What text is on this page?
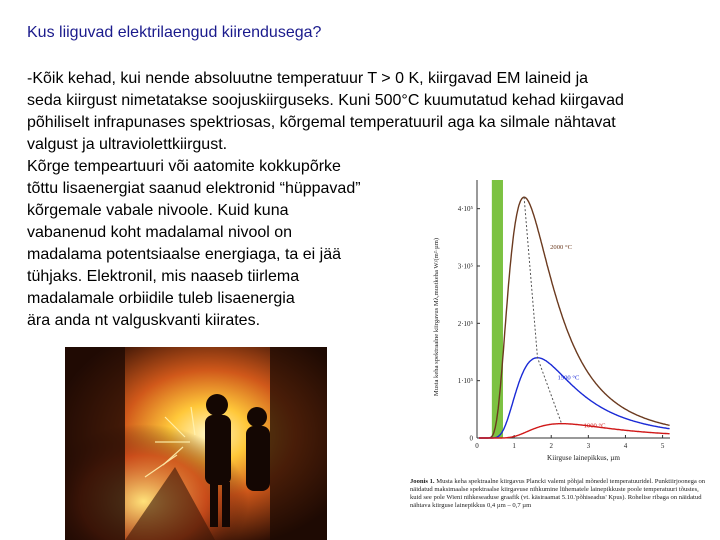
Kus liiguvad elektrilaengud kiirendusega?
-Kõik kehad, kui nende absoluutne temperatuur T > 0 K, kiirgavad EM laineid ja
seda kiirgust nimetatakse soojuskiirguseks. Kuni 500°C kuumutatud kehad kiirgavad
põhiliselt infrapunases spektriosas, kõrgemal temperatuuril aga ka silmale nähtavat
valgust ja ultraviolettkiirgust.
Kõrge tempeartuuri või aatomite kokkupõrke
tõttu lisaenergiat saanud elektronid “hüppavad”
kõrgemale vabale nivoole. Kuid kuna
vabanenud koht madalamal nivool on
madalama potentsiaalse energiaga, ta ei jää
tühjaks. Elektronil, mis naaseb tiirlema
madalamale orbiidile tuleb lisaenergia
ära anda nt valguskvanti kiirates.
0	1	2	3	4	5
0
1·10⁵
2·10⁵
3·10⁵
4·10⁵
Kiirguse lainepikkus, µm
Musta keha spektraalne kiirgavus Mλ,mustkeha W/(m²·µm)	2000 °C
1500 °C
1000 °C
Joonis 1. Musta keha spektraalne kiirgavus Plancki valemi põhjal mõnedel temperatuuridel. Punktiirjoonega on näidatud maksimaalse spektraalse kiirgavuse nihkumine lühematele lainepikkuste poole temperatuuri tõustes, kuid see pole Wieni nihkeseaduse graafik (vt. käsiraamat 5.10.'põhiseadus' Kpus). Rohelise ribaga on näidatud nähtava kiirguse lainepikkus 0,4 µm – 0,7 µm
